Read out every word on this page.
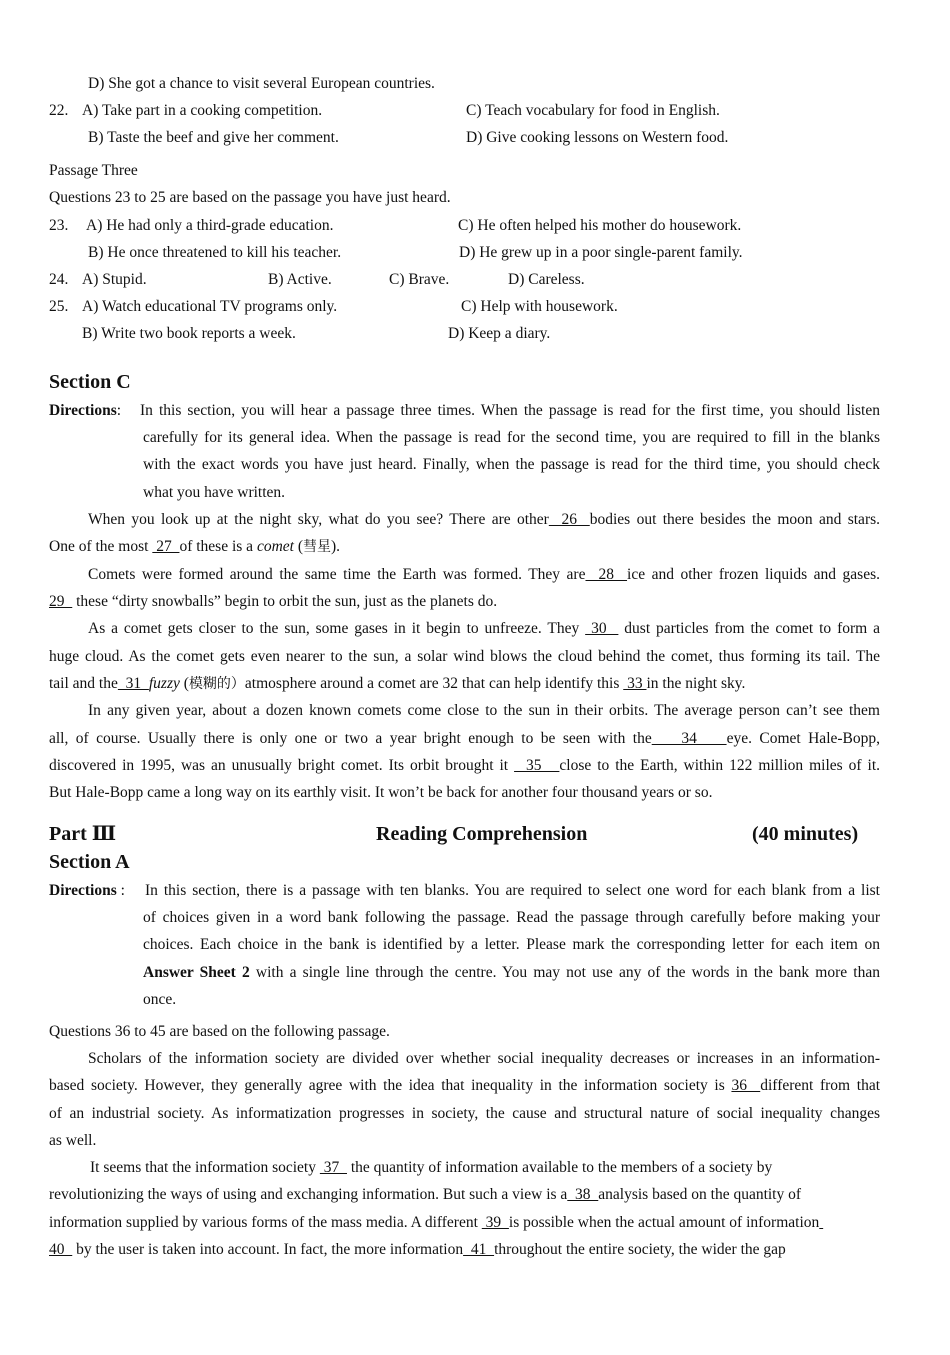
D) She got a chance to visit several European countries.
22. A) Take part in a cooking competition.	C) Teach vocabulary for food in English.
B) Taste the beef and give her comment.	D) Give cooking lessons on Western food.
Passage Three
Questions 23 to 25 are based on the passage you have just heard.
23. A) He had only a third-grade education.	C) He often helped his mother do housework.
B) He once threatened to kill his teacher.	D) He grew up in a poor single-parent family.
24. A) Stupid.	B) Active.	C) Brave.	D) Careless.
25. A) Watch educational TV programs only.	C) Help with housework.
B) Write two book reports a week.	D) Keep a diary.
Section C
Directions: In this section, you will hear a passage three times. When the passage is read for the first time, you should listen
carefully for its general idea. When the passage is read for the second time, you are required to fill in the blanks
with the exact words you have just heard. Finally, when the passage is read for the third time, you should check
what you have written.
When you look up at the night sky, what do you see? There are other  26  bodies out there besides the moon and stars.
One of the most  27  of these is a comet (彗星).
Comets were formed around the same time the Earth was formed. They are  28  ice and other frozen liquids and gases.
29   these “dirty snowballs” begin to orbit the sun, just as the planets do.
As a comet gets closer to the sun, some gases in it begin to unfreeze. They  30   dust particles from the comet to form a
huge cloud. As the comet gets even nearer to the sun, a solar wind blows the cloud behind the comet, thus forming its tail. The
tail and the  31  fuzzy (模糊的）atmosphere around a comet are 32 that can help identify this  33 in the night sky.
In any given year, about a dozen known comets come close to the sun in their orbits. The average person can’t see them
all, of course. Usually there is only one or two a year bright enough to be seen with the    34    eye. Comet Hale-Bopp,
discovered in 1995, was an unusually bright comet. Its orbit brought it   35   close to the Earth, within 122 million miles of it.
But Hale-Bopp came a long way on its earthly visit. It won’t be back for another four thousand years or so.
Part Ⅲ	Reading Comprehension	(40 minutes)
Section A
Directions : In this section, there is a passage with ten blanks. You are required to select one word for each blank from a list
of choices given in a word bank following the passage. Read the passage through carefully before making your
choices. Each choice in the bank is identified by a letter. Please mark the corresponding letter for each item on
Answer Sheet 2 with a single line through the centre. You may not use any of the words in the bank more than
once.
Questions 36 to 45 are based on the following passage.
Scholars of the information society are divided over whether social inequality decreases or increases in an information-
based society. However, they generally agree with the idea that inequality in the information society is 36  different from that
of an industrial society. As informatization progresses in society, the cause and structural nature of social inequality changes
as well.
It seems that the information society  37   the quantity of information available to the members of a society by
revolutionizing the ways of using and exchanging information. But such a view is a  38  analysis based on the quantity of
information supplied by various forms of the mass media. A different  39  is possible when the actual amount of information
40   by the user is taken into account. In fact, the more information  41  throughout the entire society, the wider the gap
